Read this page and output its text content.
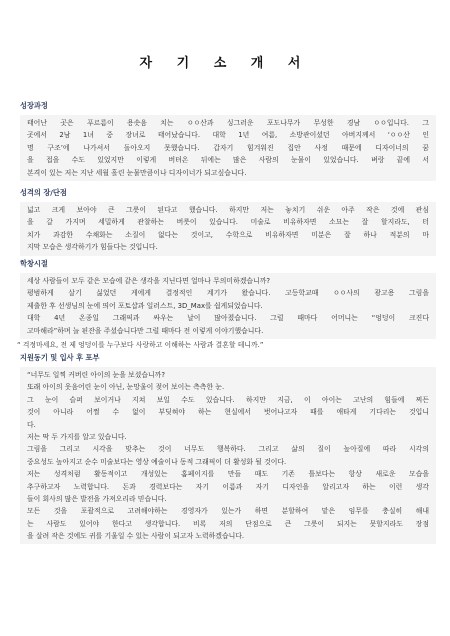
자 기 소 개 서
성장과정
태어난 곳은 푸르름이 용솟음 치는 ㅇㅇ산과 싱그러운 포도나무가 무성한 경남 ㅇㅇ입니다. 그
곳에서 2남 1녀 중 장녀로 태어났습니다. 대학 1년 여름, 소방관이셨던 아버지께서 ‘ㅇㅇ산 인
명 구조’에 나가셔서 돌아오지 못했습니다. 갑자기 힘겨워진 집안 사정 때문에 디자이너의 꿈
을 접을 수도 있었지만 이렇게 버텨온 뒤에는 많은 사람의 눈물이 있었습니다. 벼랑 끝에 서
본격이 있는 저는 지난 세월 흘린 눈물만큼이나 디자이너가 되고싶습니다.
성격의 장/단점
넓고 크게 보아야 큰 그릇이 된다고 했습니다. 하지만 저는 놓치기 쉬운 아주 작은 것에 관심
을 갈 가지며 세밀하게 관찰하는 버릇이 있습니다. 미술로 비유하자면 소묘는 잘 할지라도, 터
치가 과감한 수채화는 소질이 없다는 것이고, 수학으로 비유하자면 미분은 잘 하나 적분의 마
지막 모습은 생각하기가 힘들다는 것입니다.
학창시절
세상 사람들이 모두 같은 모습에 같은 생각을 지닌다면 얼마나 무의미하겠습니까?
평범하게 살기 싫었던 게에게 결정적인 계기가 왔습니다. 고등학교때 ㅇㅇ사의 광고용 그림을
제출한 후 선생님의 눈에 띄어 포토샵과 일러스트, 3D_Max를 쉽게되었습니다.
대학 4년 온종일 그래픽과 싸우는 날이 많아졌습니다. 그럴 때마다 어머니는 “엉덩이 크진다
고마해라”하며 늘 핀잔을 주셨습니다만 그럴 때마다 전 이렇게 이야기했습니다.
“ 걱정마세요, 전 제 엉덩이를 누구보다 사랑하고 이해하는 사람과 결혼할 테니까.”
지원동기 및 입사 후 포부
“너무도 일찍 커버린 아이의 눈을 보셨습니까?
또래 아이의 웃음어린 눈이 아닌, 눈망울이 젖어 보이는 측측한 눈.
그 눈이 슬퍼 보이거나 지쳐 보일 수도 있습니다. 하지만 지금, 이 아이는 고난의 힘들에 찌든
것이 아니라 어쩔 수 없이 부딪혀야 하는 현실에서 벗어나고자 때를 애타게 기다리는 것입니
다.
저는 딱 두 가지를 알고 있습니다.
그림을 그리고 시각을 맞추는 것이 너무도 행복하다. 그리고 삶의 질이 높아질에 따라 시각의
중요성도 높아지고 순수 미술보다는 영상 예술이나 동적 그래픽이 더 활성화 될 것이다.
저는 성격처럼 활동적이고 개성있는 홈페이지를 만들 때도 기존 틀보다는 항상 새로운 모습을
추구하고자 노력합니다. 돈과 경력보다는 자기 이름과 자기 디자인을 알리고자 하는 이런 생각
들이 회사의 많은 발전을 가져오리라 믿습니다.
모든 것을 포괄적으로 고려해야하는 경영자가 있는가 하면 분할하여 맡은 임무를 충실히 해내
는 사람도 있어야 한다고 생각합니다. 비록 저의 단점으로 큰 그릇이 되지는 못할지라도 장점
을 살려 작은 것에도 귀를 기울일 수 있는 사람이 되고자 노력하겠습니다.
